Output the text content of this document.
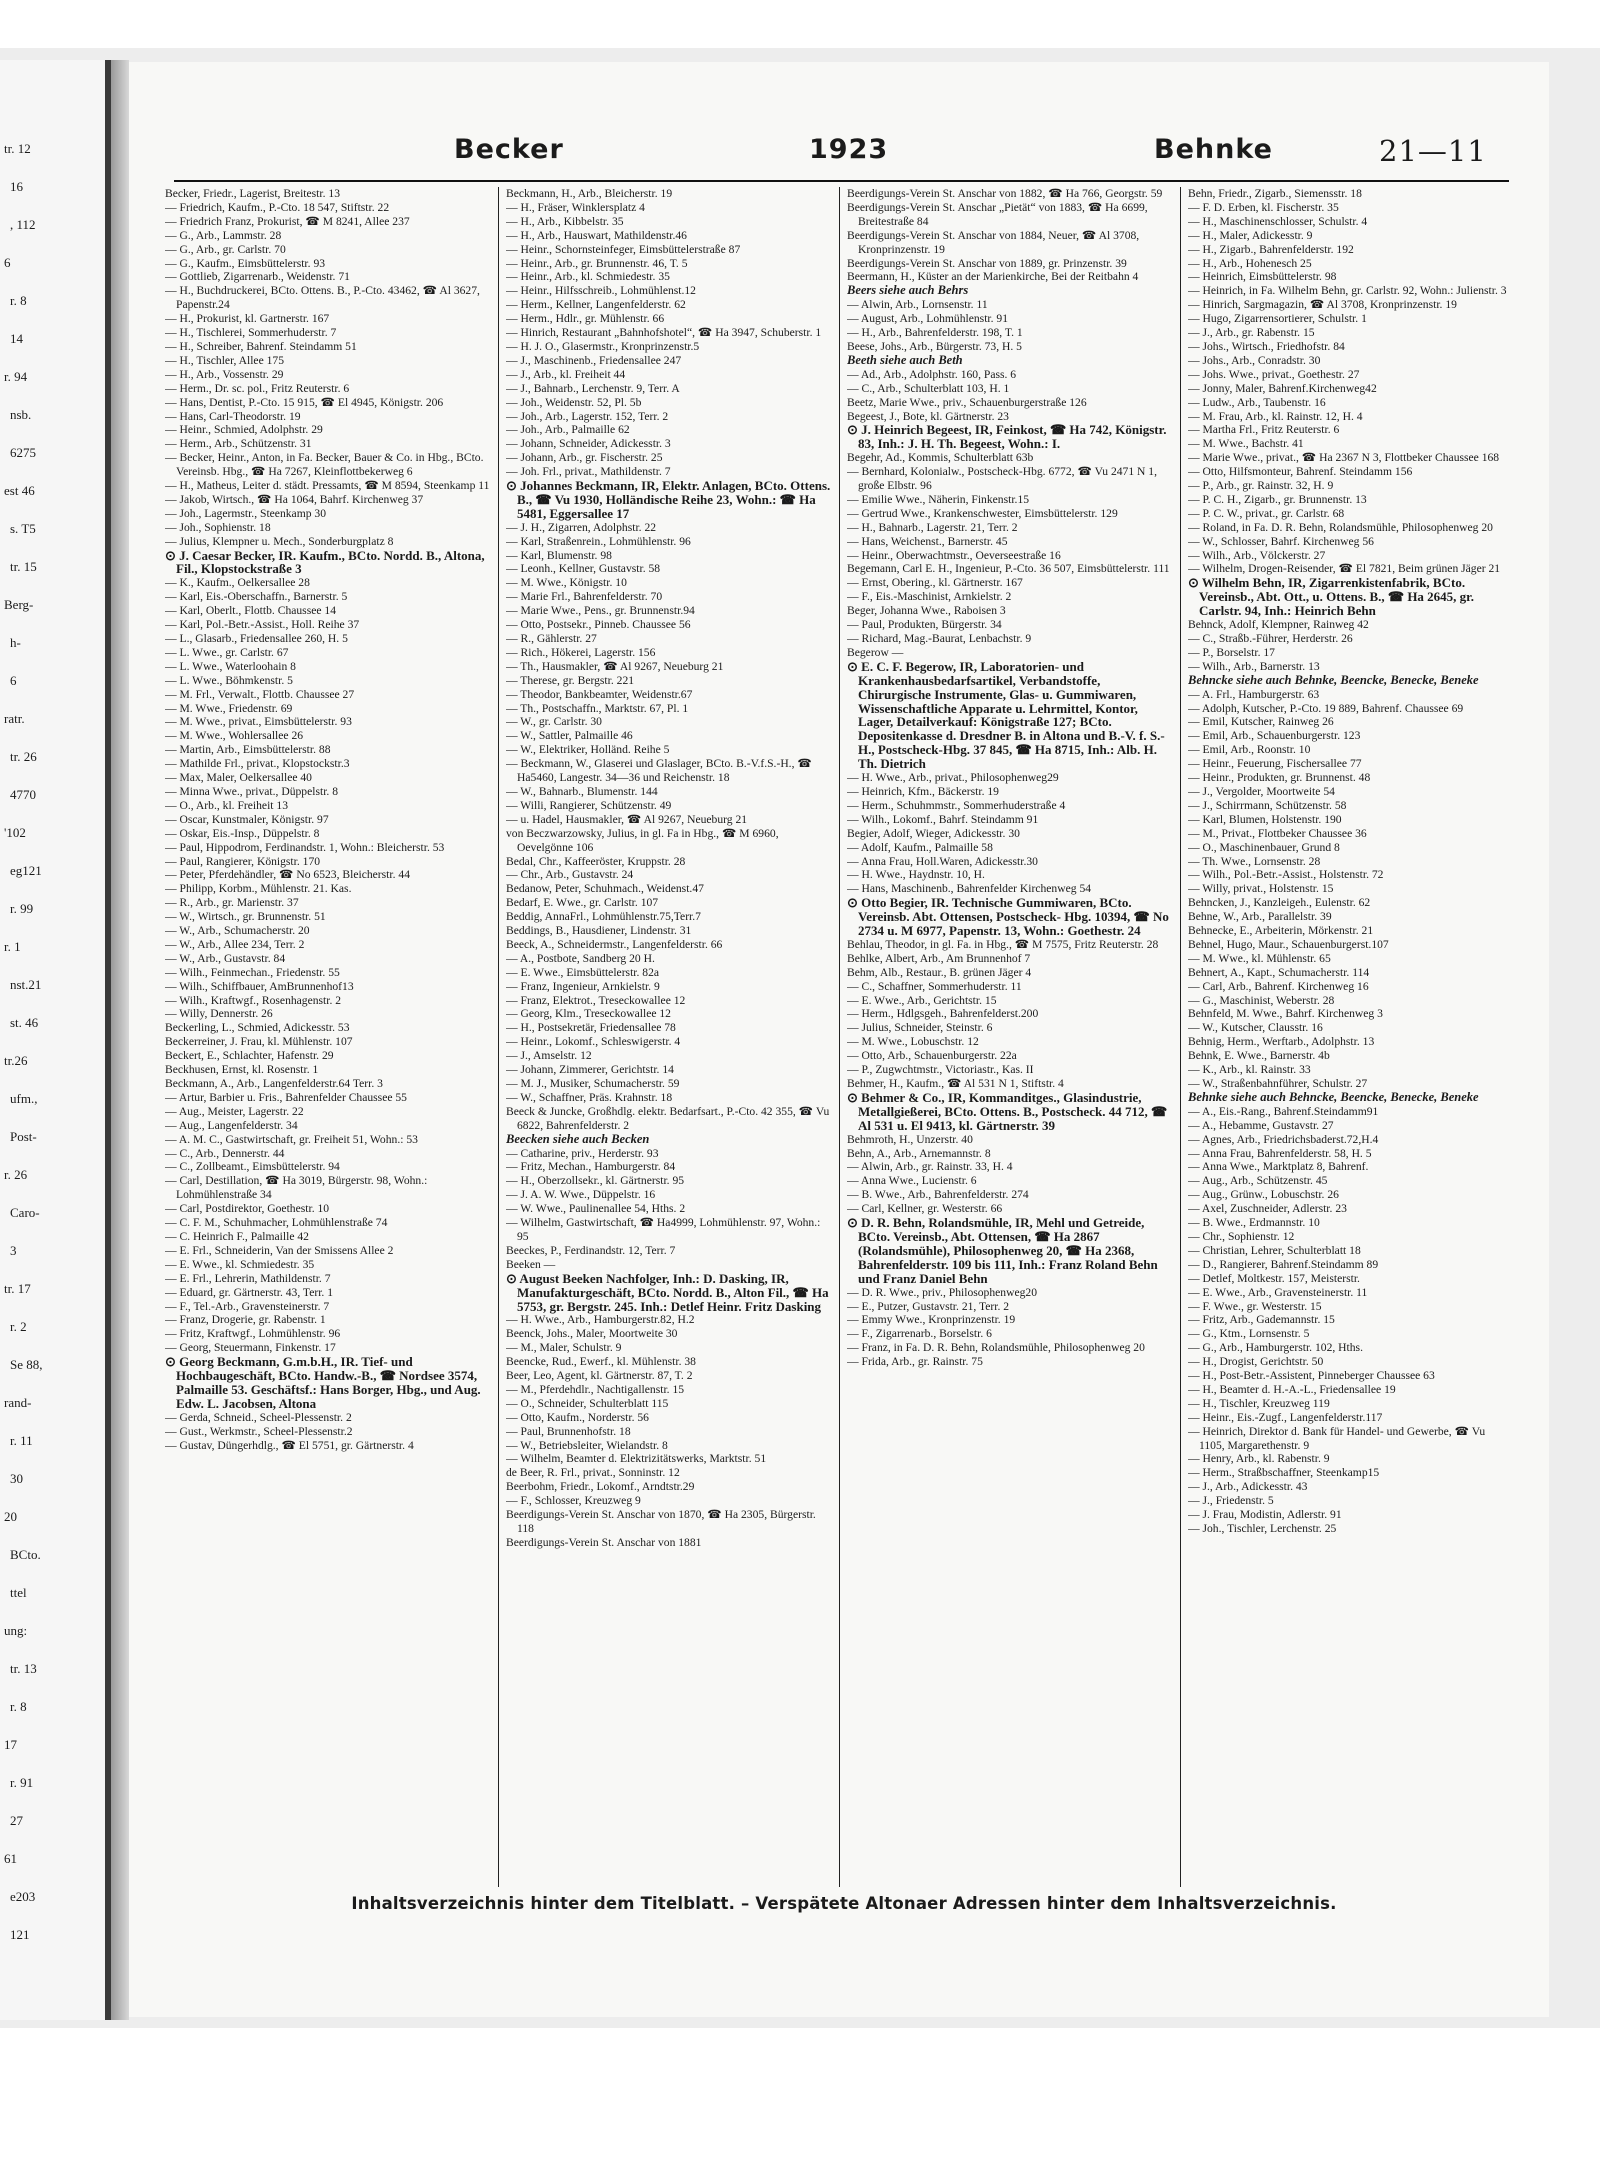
tr. 12
16
, 112
6
r. 8
14
r. 94
nsb.
6275
est 46
s. T5
tr. 15
Berg-
h-
6
ratr.
tr. 26
4770
'102
eg121
r. 99
r. 1
nst.21
st. 46
tr.26
ufm.,
Post-
r. 26
Caro-
3
tr. 17
r. 2
Se 88,
rand-
r. 11
30
20
BCto.
ttel
ung:
tr. 13
r. 8
17
r. 91
27
61
e203
121
Becker	1923	Behnke	21—11

Becker, Friedr., Lagerist, Breitestr. 13

— Friedrich, Kaufm., P.-Cto. 18 547, Stiftstr. 22

— Friedrich Franz, Prokurist, ☎ M 8241, Allee 237

— G., Arb., Lammstr. 28

— G., Arb., gr. Carlstr. 70

— G., Kaufm., Eimsbüttelerstr. 93

— Gottlieb, Zigarrenarb., Weidenstr. 71

— H., Buchdruckerei, BCto. Ottens. B., P.-Cto. 43462, ☎ Al 3627, Papenstr.24

— H., Prokurist, kl. Gartnerstr. 167

— H., Tischlerei, Sommerhuderstr. 7

— H., Schreiber, Bahrenf. Steindamm 51

— H., Tischler, Allee 175

— H., Arb., Vossenstr. 29

— Herm., Dr. sc. pol., Fritz Reuterstr. 6

— Hans, Dentist, P.-Cto. 15 915, ☎ El 4945, Königstr. 206

— Hans, Carl-Theodorstr. 19

— Heinr., Schmied, Adolphstr. 29

— Herm., Arb., Schützenstr. 31

— Becker, Heinr., Anton, in Fa. Becker, Bauer & Co. in Hbg., BCto. Vereinsb. Hbg., ☎ Ha 7267, Kleinflottbekerweg 6

— H., Matheus, Leiter d. städt. Pressamts, ☎ M 8594, Steenkamp 11

— Jakob, Wirtsch., ☎ Ha 1064, Bahrf. Kirchenweg 37

— Joh., Lagermstr., Steenkamp 30

— Joh., Sophienstr. 18

— Julius, Klempner u. Mech., Sonderburgplatz 8

⊙ J. Caesar Becker, IR. Kaufm., BCto. Nordd. B., Altona, Fil., Klopstockstraße 3

— K., Kaufm., Oelkersallee 28

— Karl, Eis.-Oberschaffn., Barnerstr. 5

— Karl, Oberlt., Flottb. Chaussee 14

— Karl, Pol.-Betr.-Assist., Holl. Reihe 37

— L., Glasarb., Friedensallee 260, H. 5

— L. Wwe., gr. Carlstr. 67

— L. Wwe., Waterloohain 8

— L. Wwe., Böhmkenstr. 5

— M. Frl., Verwalt., Flottb. Chaussee 27

— M. Wwe., Friedenstr. 69

— M. Wwe., privat., Eimsbüttelerstr. 93

— M. Wwe., Wohlersallee 26

— Martin, Arb., Eimsbüttelerstr. 88

— Mathilde Frl., privat., Klopstockstr.3

— Max, Maler, Oelkersallee 40

— Minna Wwe., privat., Düppelstr. 8

— O., Arb., kl. Freiheit 13

— Oscar, Kunstmaler, Königstr. 97

— Oskar, Eis.-Insp., Düppelstr. 8

— Paul, Hippodrom, Ferdinandstr. 1, Wohn.: Bleicherstr. 53

— Paul, Rangierer, Königstr. 170

— Peter, Pferdehändler, ☎ No 6523, Bleicherstr. 44

— Philipp, Korbm., Mühlenstr. 21. Kas.

— R., Arb., gr. Marienstr. 37

— W., Wirtsch., gr. Brunnenstr. 51

— W., Arb., Schumacherstr. 20

— W., Arb., Allee 234, Terr. 2

— W., Arb., Gustavstr. 84

— Wilh., Feinmechan., Friedenstr. 55

— Wilh., Schiffbauer, AmBrunnenhof13

— Wilh., Kraftwgf., Rosenhagenstr. 2

— Willy, Dennerstr. 26

Beckerling, L., Schmied, Adickesstr. 53

Beckerreiner, J. Frau, kl. Mühlenstr. 107

Beckert, E., Schlachter, Hafenstr. 29

Beckhusen, Ernst, kl. Rosenstr. 1

Beckmann, A., Arb., Langenfelderstr.64 Terr. 3

— Artur, Barbier u. Fris., Bahrenfelder Chaussee 55

— Aug., Meister, Lagerstr. 22

— Aug., Langenfelderstr. 34

— A. M. C., Gastwirtschaft, gr. Freiheit 51, Wohn.: 53

— C., Arb., Dennerstr. 44

— C., Zollbeamt., Eimsbüttelerstr. 94

— Carl, Destillation, ☎ Ha 3019, Bürgerstr. 98, Wohn.: Lohmühlenstraße 34

— Carl, Postdirektor, Goethestr. 10

— C. F. M., Schuhmacher, Lohmühlenstraße 74

— C. Heinrich F., Palmaille 42

— E. Frl., Schneiderin, Van der Smissens Allee 2

— E. Wwe., kl. Schmiedestr. 35

— E. Frl., Lehrerin, Mathildenstr. 7

— Eduard, gr. Gärtnerstr. 43, Terr. 1

— F., Tel.-Arb., Gravensteinerstr. 7

— Franz, Drogerie, gr. Rabenstr. 1

— Fritz, Kraftwgf., Lohmühlenstr. 96

— Georg, Steuermann, Finkenstr. 17

⊙ Georg Beckmann, G.m.b.H., IR. Tief- und Hochbaugeschäft, BCto. Handw.-B., ☎ Nordsee 3574, Palmaille 53. Geschäftsf.: Hans Borger, Hbg., und Aug. Edw. L. Jacobsen, Altona

— Gerda, Schneid., Scheel-Plessenstr. 2

— Gust., Werkmstr., Scheel-Plessenstr.2

— Gustav, Düngerhdlg., ☎ El 5751, gr. Gärtnerstr. 4

Beckmann, H., Arb., Bleicherstr. 19

— H., Fräser, Winklersplatz 4

— H., Arb., Kibbelstr. 35

— H., Arb., Hauswart, Mathildenstr.46

— Heinr., Schornsteinfeger, Eimsbüttelerstraße 87

— Heinr., Arb., gr. Brunnenstr. 46, T. 5

— Heinr., Arb., kl. Schmiedestr. 35

— Heinr., Hilfsschreib., Lohmühlenst.12

— Herm., Kellner, Langenfelderstr. 62

— Herm., Hdlr., gr. Mühlenstr. 66

— Hinrich, Restaurant „Bahnhofshotel“, ☎ Ha 3947, Schuberstr. 1

— H. J. O., Glasermstr., Kronprinzenstr.5

— J., Maschinenb., Friedensallee 247

— J., Arb., kl. Freiheit 44

— J., Bahnarb., Lerchenstr. 9, Terr. A

— Joh., Weidenstr. 52, Pl. 5b

— Joh., Arb., Lagerstr. 152, Terr. 2

— Joh., Arb., Palmaille 62

— Johann, Schneider, Adickesstr. 3

— Johann, Arb., gr. Fischerstr. 25

— Joh. Frl., privat., Mathildenstr. 7

⊙ Johannes Beckmann, IR, Elektr. Anlagen, BCto. Ottens. B., ☎ Vu 1930, Holländische Reihe 23, Wohn.: ☎ Ha 5481, Eggersallee 17

— J. H., Zigarren, Adolphstr. 22

— Karl, Straßenrein., Lohmühlenstr. 96

— Karl, Blumenstr. 98

— Leonh., Kellner, Gustavstr. 58

— M. Wwe., Königstr. 10

— Marie Frl., Bahrenfelderstr. 70

— Marie Wwe., Pens., gr. Brunnenstr.94

— Otto, Postsekr., Pinneb. Chaussee 56

— R., Gählerstr. 27

— Rich., Hökerei, Lagerstr. 156

— Th., Hausmakler, ☎ Al 9267, Neueburg 21

— Therese, gr. Bergstr. 221

— Theodor, Bankbeamter, Weidenstr.67

— Th., Postschaffn., Marktstr. 67, Pl. 1

— W., gr. Carlstr. 30

— W., Sattler, Palmaille 46

— W., Elektriker, Holländ. Reihe 5

— Beckmann, W., Glaserei und Glaslager, BCto. B.-V.f.S.-H., ☎ Ha5460, Langestr. 34—36 und Reichenstr. 18

— W., Bahnarb., Blumenstr. 144

— Willi, Rangierer, Schützenstr. 49

— u. Hadel, Hausmakler, ☎ Al 9267, Neueburg 21

von Beczwarzowsky, Julius, in gl. Fa in Hbg., ☎ M 6960, Oevelgönne 106

Bedal, Chr., Kaffeeröster, Kruppstr. 28

— Chr., Arb., Gustavstr. 24

Bedanow, Peter, Schuhmach., Weidenst.47

Bedarf, E. Wwe., gr. Carlstr. 107

Beddig, AnnaFrl., Lohmühlenstr.75,Terr.7

Beddings, B., Hausdiener, Lindenstr. 31

Beeck, A., Schneidermstr., Langenfelderstr. 66

— A., Postbote, Sandberg 20 H.

— E. Wwe., Eimsbüttelerstr. 82a

— Franz, Ingenieur, Arnkielstr. 9

— Franz, Elektrot., Treseckowallee 12

— Georg, Klm., Treseckowallee 12

— H., Postsekretär, Friedensallee 78

— Heinr., Lokomf., Schleswigerstr. 4

— J., Amselstr. 12

— Johann, Zimmerer, Gerichtstr. 14

— M. J., Musiker, Schumacherstr. 59

— W., Schaffner, Präs. Krahnstr. 18

Beeck & Juncke, Großhdlg. elektr. Bedarfsart., P.-Cto. 42 355, ☎ Vu 6822, Bahrenfelderstr. 2

Beecken siehe auch Becken

— Catharine, priv., Herderstr. 93

— Fritz, Mechan., Hamburgerstr. 84

— H., Oberzollsekr., kl. Gärtnerstr. 95

— J. A. W. Wwe., Düppelstr. 16

— W. Wwe., Paulinenallee 54, Hths. 2

— Wilhelm, Gastwirtschaft, ☎ Ha4999, Lohmühlenstr. 97, Wohn.: 95

Beeckes, P., Ferdinandstr. 12, Terr. 7

Beeken —

⊙ August Beeken Nachfolger, Inh.: D. Dasking, IR, Manufakturgeschäft, BCto. Nordd. B., Alton Fil., ☎ Ha 5753, gr. Bergstr. 245. Inh.: Detlef Heinr. Fritz Dasking

— H. Wwe., Arb., Hamburgerstr.82, H.2

Beenck, Johs., Maler, Moortweite 30

— M., Maler, Schulstr. 9

Beencke, Rud., Ewerf., kl. Mühlenstr. 38

Beer, Leo, Agent, kl. Gärtnerstr. 87, T. 2

— M., Pferdehdlr., Nachtigallenstr. 15

— O., Schneider, Schulterblatt 115

— Otto, Kaufm., Norderstr. 56

— Paul, Brunnenhofstr. 18

— W., Betriebsleiter, Wielandstr. 8

— Wilhelm, Beamter d. Elektrizitätswerks, Marktstr. 51

de Beer, R. Frl., privat., Sonninstr. 12

Beerbohm, Friedr., Lokomf., Arndtstr.29

— F., Schlosser, Kreuzweg 9

Beerdigungs-Verein St. Anschar von 1870, ☎ Ha 2305, Bürgerstr. 118

Beerdigungs-Verein St. Anschar von 1881

Beerdigungs-Verein St. Anschar von 1882, ☎ Ha 766, Georgstr. 59

Beerdigungs-Verein St. Anschar „Pietät“ von 1883, ☎ Ha 6699, Breitestraße 84

Beerdigungs-Verein St. Anschar von 1884, Neuer, ☎ Al 3708, Kronprinzenstr. 19

Beerdigungs-Verein St. Anschar von 1889, gr. Prinzenstr. 39

Beermann, H., Küster an der Marienkirche, Bei der Reitbahn 4

Beers siehe auch Behrs

— Alwin, Arb., Lornsenstr. 11

— August, Arb., Lohmühlenstr. 91

— H., Arb., Bahrenfelderstr. 198, T. 1

Beese, Johs., Arb., Bürgerstr. 73, H. 5

Beeth siehe auch Beth

— Ad., Arb., Adolphstr. 160, Pass. 6

— C., Arb., Schulterblatt 103, H. 1

Beetz, Marie Wwe., priv., Schauenburgerstraße 126

Begeest, J., Bote, kl. Gärtnerstr. 23

⊙ J. Heinrich Begeest, IR, Feinkost, ☎ Ha 742, Königstr. 83, Inh.: J. H. Th. Begeest, Wohn.: I.

Begehr, Ad., Kommis, Schulterblatt 63b

— Bernhard, Kolonialw., Postscheck-Hbg. 6772, ☎ Vu 2471 N 1, große Elbstr. 96

— Emilie Wwe., Näherin, Finkenstr.15

— Gertrud Wwe., Krankenschwester, Eimsbüttelerstr. 129

— H., Bahnarb., Lagerstr. 21, Terr. 2

— Hans, Weichenst., Barnerstr. 45

— Heinr., Oberwachtmstr., Oeverseestraße 16

Begemann, Carl E. H., Ingenieur, P.-Cto. 36 507, Eimsbüttelerstr. 111

— Ernst, Obering., kl. Gärtnerstr. 167

— F., Eis.-Maschinist, Arnkielstr. 2

Beger, Johanna Wwe., Raboisen 3

— Paul, Produkten, Bürgerstr. 34

— Richard, Mag.-Baurat, Lenbachstr. 9

Begerow —

⊙ E. C. F. Begerow, IR, Laboratorien- und Krankenhausbedarfsartikel, Verbandstoffe, Chirurgische Instrumente, Glas- u. Gummiwaren, Wissenschaftliche Apparate u. Lehrmittel, Kontor, Lager, Detailverkauf: Königstraße 127; BCto. Depositenkasse d. Dresdner B. in Altona und B.-V. f. S.-H., Postscheck-Hbg. 37 845, ☎ Ha 8715, Inh.: Alb. H. Th. Dietrich

— H. Wwe., Arb., privat., Philosophenweg29

— Heinrich, Kfm., Bäckerstr. 19

— Herm., Schuhmmstr., Sommerhuderstraße 4

— Wilh., Lokomf., Bahrf. Steindamm 91

Begier, Adolf, Wieger, Adickesstr. 30

— Adolf, Kaufm., Palmaille 58

— Anna Frau, Holl.Waren, Adickesstr.30

— H. Wwe., Haydnstr. 10, H.

— Hans, Maschinenb., Bahrenfelder Kirchenweg 54

⊙ Otto Begier, IR. Technische Gummiwaren, BCto. Vereinsb. Abt. Ottensen, Postscheck- Hbg. 10394, ☎ No 2734 u. M 6977, Papenstr. 13, Wohn.: Goethestr. 24

Behlau, Theodor, in gl. Fa. in Hbg., ☎ M 7575, Fritz Reuterstr. 28

Behlke, Albert, Arb., Am Brunnenhof 7

Behm, Alb., Restaur., B. grünen Jäger 4

— C., Schaffner, Sommerhuderstr. 11

— E. Wwe., Arb., Gerichtstr. 15

— Herm., Hdlgsgeh., Bahrenfelderst.200

— Julius, Schneider, Steinstr. 6

— M. Wwe., Lobuschstr. 12

— Otto, Arb., Schauenburgerstr. 22a

— P., Zugwchtmstr., Victoriastr., Kas. II

Behmer, H., Kaufm., ☎ Al 531 N 1, Stiftstr. 4

⊙ Behmer & Co., IR, Kommanditges., Glasindustrie, Metallgießerei, BCto. Ottens. B., Postscheck. 44 712, ☎ Al 531 u. El 9413, kl. Gärtnerstr. 39

Behmroth, H., Unzerstr. 40

Behn, A., Arb., Arnemannstr. 8

— Alwin, Arb., gr. Rainstr. 33, H. 4

— Anna Wwe., Lucienstr. 6

— B. Wwe., Arb., Bahrenfelderstr. 274

— Carl, Kellner, gr. Westerstr. 66

⊙ D. R. Behn, Rolandsmühle, IR, Mehl und Getreide, BCto. Vereinsb., Abt. Ottensen, ☎ Ha 2867 (Rolandsmühle), Philosophenweg 20, ☎ Ha 2368, Bahrenfelderstr. 109 bis 111, Inh.: Franz Roland Behn und Franz Daniel Behn

— D. R. Wwe., priv., Philosophenweg20

— E., Putzer, Gustavstr. 21, Terr. 2

— Emmy Wwe., Kronprinzenstr. 19

— F., Zigarrenarb., Borselstr. 6

— Franz, in Fa. D. R. Behn, Rolandsmühle, Philosophenweg 20

— Frida, Arb., gr. Rainstr. 75

Behn, Friedr., Zigarb., Siemensstr. 18

— F. D. Erben, kl. Fischerstr. 35

— H., Maschinenschlosser, Schulstr. 4

— H., Maler, Adickesstr. 9

— H., Zigarb., Bahrenfelderstr. 192

— H., Arb., Hohenesch 25

— Heinrich, Eimsbüttelerstr. 98

— Heinrich, in Fa. Wilhelm Behn, gr. Carlstr. 92, Wohn.: Julienstr. 3

— Hinrich, Sargmagazin, ☎ Al 3708, Kronprinzenstr. 19

— Hugo, Zigarrensortierer, Schulstr. 1

— J., Arb., gr. Rabenstr. 15

— Johs., Wirtsch., Friedhofstr. 84

— Johs., Arb., Conradstr. 30

— Johs. Wwe., privat., Goethestr. 27

— Jonny, Maler, Bahrenf.Kirchenweg42

— Ludw., Arb., Taubenstr. 16

— M. Frau, Arb., kl. Rainstr. 12, H. 4

— Martha Frl., Fritz Reuterstr. 6

— M. Wwe., Bachstr. 41

— Marie Wwe., privat., ☎ Ha 2367 N 3, Flottbeker Chaussee 168

— Otto, Hilfsmonteur, Bahrenf. Steindamm 156

— P., Arb., gr. Rainstr. 32, H. 9

— P. C. H., Zigarb., gr. Brunnenstr. 13

— P. C. W., privat., gr. Carlstr. 68

— Roland, in Fa. D. R. Behn, Rolandsmühle, Philosophenweg 20

— W., Schlosser, Bahrf. Kirchenweg 56

— Wilh., Arb., Völckerstr. 27

— Wilhelm, Drogen-Reisender, ☎ El 7821, Beim grünen Jäger 21

⊙ Wilhelm Behn, IR, Zigarrenkistenfabrik, BCto. Vereinsb., Abt. Ott., u. Ottens. B., ☎ Ha 2645, gr. Carlstr. 94, Inh.: Heinrich Behn

Behnck, Adolf, Klempner, Rainweg 42

— C., Straßb.-Führer, Herderstr. 26

— P., Borselstr. 17

— Wilh., Arb., Barnerstr. 13

Behncke siehe auch Behnke, Beencke, Benecke, Beneke

— A. Frl., Hamburgerstr. 63

— Adolph, Kutscher, P.-Cto. 19 889, Bahrenf. Chaussee 69

— Emil, Kutscher, Rainweg 26

— Emil, Arb., Schauenburgerstr. 123

— Emil, Arb., Roonstr. 10

— Heinr., Feuerung, Fischersallee 77

— Heinr., Produkten, gr. Brunnenst. 48

— J., Vergolder, Moortweite 54

— J., Schirrmann, Schützenstr. 58

— Karl, Blumen, Holstenstr. 190

— M., Privat., Flottbeker Chaussee 36

— O., Maschinenbauer, Grund 8

— Th. Wwe., Lornsenstr. 28

— Wilh., Pol.-Betr.-Assist., Holstenstr. 72

— Willy, privat., Holstenstr. 15

Behncken, J., Kanzleigeh., Eulenstr. 62

Behne, W., Arb., Parallelstr. 39

Behnecke, E., Arbeiterin, Mörkenstr. 21

Behnel, Hugo, Maur., Schauenburgerst.107

— M. Wwe., kl. Mühlenstr. 65

Behnert, A., Kapt., Schumacherstr. 114

— Carl, Arb., Bahrenf. Kirchenweg 16

— G., Maschinist, Weberstr. 28

Behnfeld, M. Wwe., Bahrf. Kirchenweg 3

— W., Kutscher, Clausstr. 16

Behnig, Herm., Werftarb., Adolphstr. 13

Behnk, E. Wwe., Barnerstr. 4b

— K., Arb., kl. Rainstr. 33

— W., Straßenbahnführer, Schulstr. 27

Behnke siehe auch Behncke, Beencke, Benecke, Beneke

— A., Eis.-Rang., Bahrenf.Steindamm91

— A., Hebamme, Gustavstr. 27

— Agnes, Arb., Friedrichsbaderst.72,H.4

— Anna Frau, Bahrenfelderstr. 58, H. 5

— Anna Wwe., Marktplatz 8, Bahrenf.

— Aug., Arb., Schützenstr. 45

— Aug., Grünw., Lobuschstr. 26

— Axel, Zuschneider, Adlerstr. 23

— B. Wwe., Erdmannstr. 10

— Chr., Sophienstr. 12

— Christian, Lehrer, Schulterblatt 18

— D., Rangierer, Bahrenf.Steindamm 89

— Detlef, Moltkestr. 157, Meisterstr.

— E. Wwe., Arb., Gravensteinerstr. 11

— F. Wwe., gr. Westerstr. 15

— Fritz, Arb., Gademannstr. 15

— G., Ktm., Lornsenstr. 5

— G., Arb., Hamburgerstr. 102, Hths.

— H., Drogist, Gerichtstr. 50

— H., Post-Betr.-Assistent, Pinneberger Chaussee 63

— H., Beamter d. H.-A.-L., Friedensallee 19

— H., Tischler, Kreuzweg 119

— Heinr., Eis.-Zugf., Langenfelderstr.117

— Heinrich, Direktor d. Bank für Handel- und Gewerbe, ☎ Vu 1105, Margarethenstr. 9

— Henry, Arb., kl. Rabenstr. 9

— Herm., Straßbschaffner, Steenkamp15

— J., Arb., Adickesstr. 43

— J., Friedenstr. 5

— J. Frau, Modistin, Adlerstr. 91

— Joh., Tischler, Lerchenstr. 25

Inhaltsverzeichnis hinter dem Titelblatt. – Verspätete Altonaer Adressen hinter dem Inhaltsverzeichnis.
